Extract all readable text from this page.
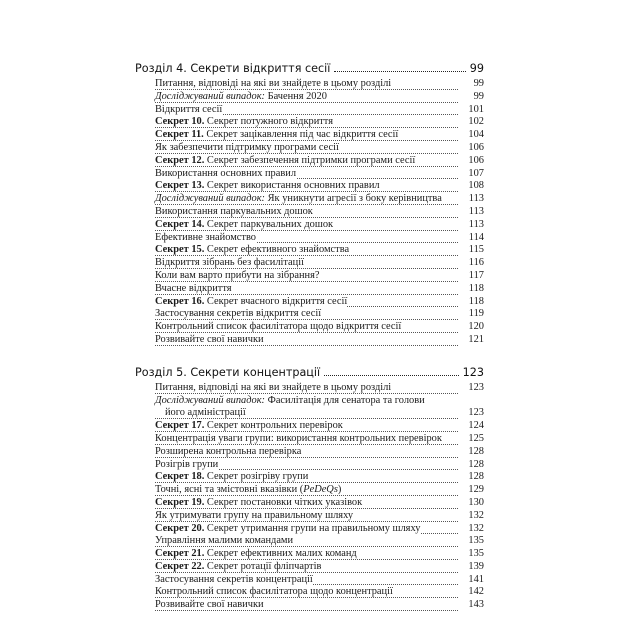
Розділ 4. Секрети відкриття сесії	99
Питання, відповіді на які ви знайдете в цьому розділі	99
Досліджуваний випадок: Бачення 2020	99
Відкриття сесії	101
Секрет 10. Секрет потужного відкриття	102
Секрет 11. Секрет зацікавлення під час відкриття сесії	104
Як забезпечити підтримку програми сесії	106
Секрет 12. Секрет забезпечення підтримки програми сесії	106
Використання основних правил	107
Секрет 13. Секрет використання основних правил	108
Досліджуваний випадок: Як уникнути агресії з боку керівництва	113
Використання паркувальних дошок	113
Секрет 14. Секрет паркувальних дошок	113
Ефективне знайомство	114
Секрет 15. Секрет ефективного знайомства	115
Відкриття зібрань без фасилітації	116
Коли вам варто прибути на зібрання?	117
Вчасне відкриття	118
Секрет 16. Секрет вчасного відкриття сесії	118
Застосування секретів відкриття сесії	119
Контрольний список фасилітатора щодо відкриття сесії	120
Розвивайте свої навички	121
Розділ 5. Секрети концентрації	123
Питання, відповіді на які ви знайдете в цьому розділі	123
Досліджуваний випадок: Фасилітація для сенатора та голови
його адміністрації	123
Секрет 17. Секрет контрольних перевірок	124
Концентрація уваги групи: використання контрольних перевірок	125
Розширена контрольна перевірка	128
Розігрів групи	128
Секрет 18. Секрет розігріву групи	128
Точні, ясні та змістовні вказівки (PeDeQs)	129
Секрет 19. Секрет постановки чітких указівок	130
Як утримувати групу на правильному шляху	132
Секрет 20. Секрет утримання групи на правильному шляху	132
Управління малими командами	135
Секрет 21. Секрет ефективних малих команд	135
Секрет 22. Секрет ротації фліпчартів	139
Застосування секретів концентрації	141
Контрольний список фасилітатора щодо концентрації	142
Розвивайте свої навички	143
